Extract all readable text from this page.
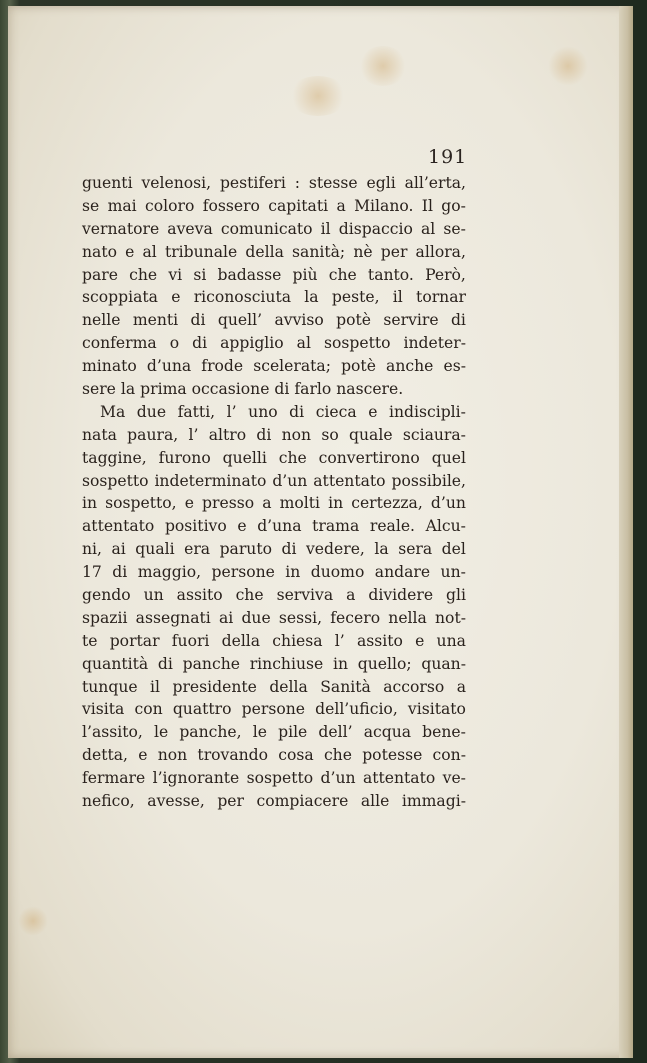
191
guenti velenosi, pestiferi : stesse egli all’erta,
se mai coloro fossero capitati a Milano. Il go-
vernatore aveva comunicato il dispaccio al se-
nato e al tribunale della sanità; nè per allora,
pare che vi si badasse più che tanto. Però,
scoppiata e riconosciuta la peste, il tornar
nelle menti di quell’ avviso potè servire di
conferma o di appiglio al sospetto indeter-
minato d’una frode scelerata; potè anche es-
sere
la
prima
occasione
di
farlo
nascere.
Ma due fatti, l’ uno di cieca e indiscipli-
nata paura, l’ altro di non so quale sciaura-
taggine, furono quelli che convertirono quel
sospetto indeterminato d’un attentato possibile,
in sospetto, e presso a molti in certezza, d’un
attentato positivo e d’una trama reale. Alcu-
ni, ai quali era paruto di vedere, la sera del
17 di maggio, persone in duomo andare un-
gendo un assito che serviva a dividere gli
spazii assegnati ai due sessi, fecero nella not-
te portar fuori della chiesa l’ assito e una
quantità di panche rinchiuse in quello; quan-
tunque il presidente della Sanità accorso a
visita con quattro persone dell’uficio, visitato
l’assito, le panche, le pile dell’ acqua bene-
detta, e non trovando cosa che potesse con-
fermare l’ignorante sospetto d’un attentato ve-
nefico, avesse, per compiacere alle immagi-
